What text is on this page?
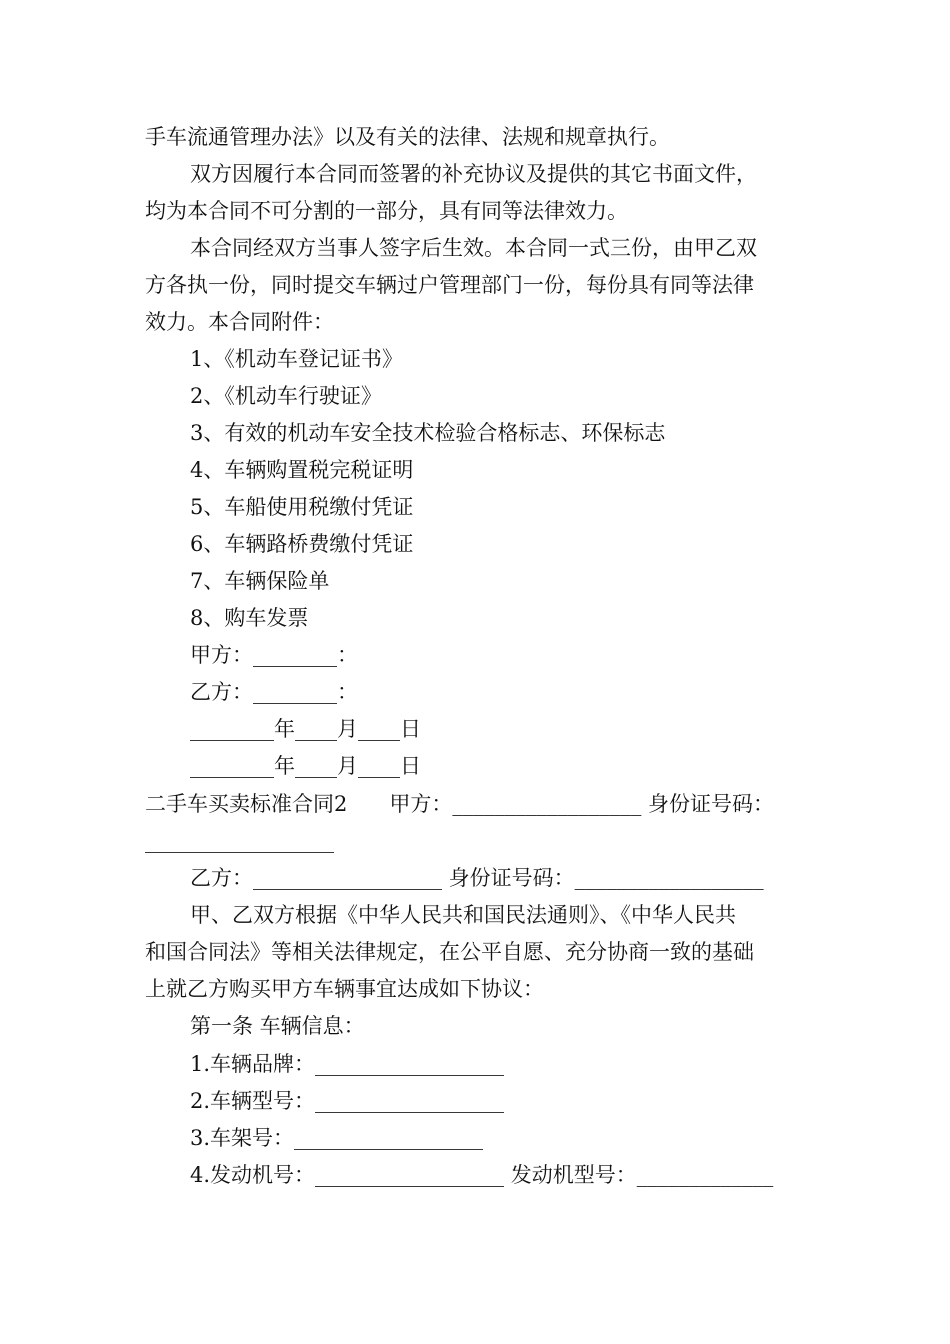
手车流通管理办法》以及有关的法律、法规和规章执行。
双方因履行本合同而签署的补充协议及提供的其它书面文件，
均为本合同不可分割的一部分，具有同等法律效力。
本合同经双方当事人签字后生效。本合同一式三份，由甲乙双
方各执一份，同时提交车辆过户管理部门一份，每份具有同等法律
效力。本合同附件：
1、《机动车登记证书》
2、《机动车行驶证》
3、有效的机动车安全技术检验合格标志、环保标志
4、车辆购置税完税证明
5、车船使用税缴付凭证
6、车辆路桥费缴付凭证
7、车辆保险单
8、购车发票
甲方：________：
乙方：________：
________年____月____日
________年____月____日
二手车买卖标准合同2　　甲方：__________________ 身份证号码：
__________________
乙方：__________________ 身份证号码：__________________
甲、乙双方根据《中华人民共和国民法通则》、《中华人民共
和国合同法》等相关法律规定，在公平自愿、充分协商一致的基础
上就乙方购买甲方车辆事宜达成如下协议：
第一条 车辆信息：
1.车辆品牌：__________________
2.车辆型号：__________________
3.车架号：__________________
4.发动机号：__________________ 发动机型号：_____________
